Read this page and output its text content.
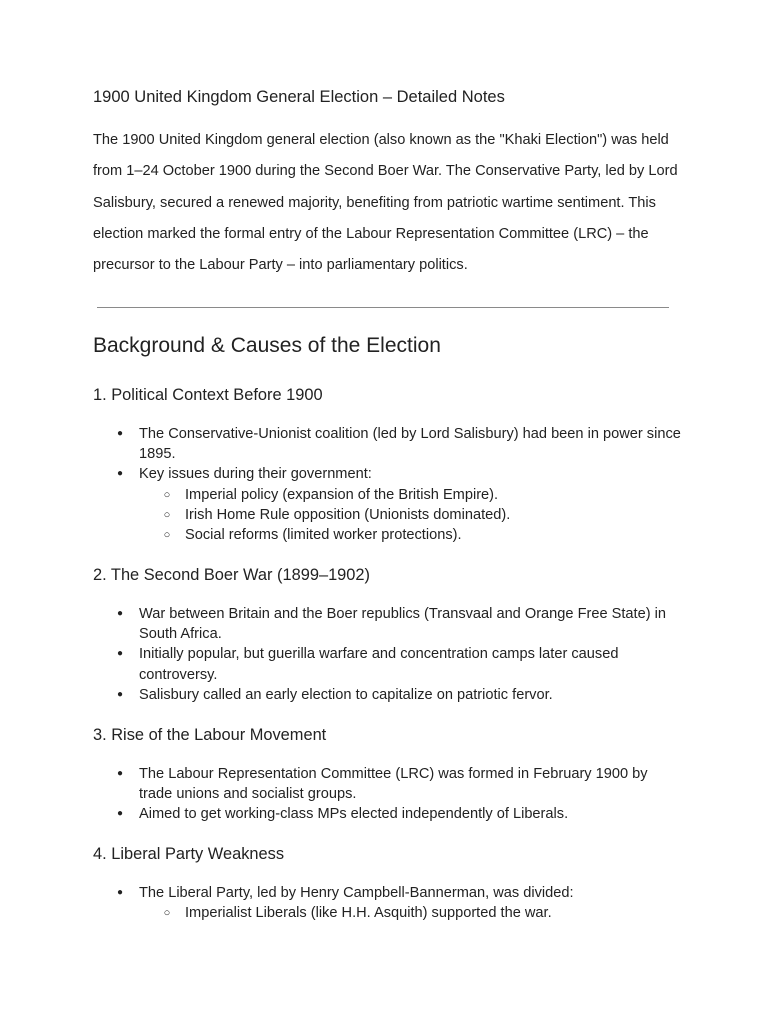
1900 United Kingdom General Election – Detailed Notes

The 1900 United Kingdom general election (also known as the "Khaki Election") was held from 1–24 October 1900 during the Second Boer War. The Conservative Party, led by Lord Salisbury, secured a renewed majority, benefiting from patriotic wartime sentiment. This election marked the formal entry of the Labour Representation Committee (LRC) – the precursor to the Labour Party – into parliamentary politics.

Background & Causes of the Election
1. Political Context Before 1900
● The Conservative-Unionist coalition (led by Lord Salisbury) had been in power since 1895.
● Key issues during their government:
○ Imperial policy (expansion of the British Empire).
○ Irish Home Rule opposition (Unionists dominated).
○ Social reforms (limited worker protections).
2. The Second Boer War (1899–1902)
● War between Britain and the Boer republics (Transvaal and Orange Free State) in South Africa.
● Initially popular, but guerilla warfare and concentration camps later caused controversy.
● Salisbury called an early election to capitalize on patriotic fervor.
3. Rise of the Labour Movement
● The Labour Representation Committee (LRC) was formed in February 1900 by trade unions and socialist groups.
● Aimed to get working-class MPs elected independently of Liberals.
4. Liberal Party Weakness
● The Liberal Party, led by Henry Campbell-Bannerman, was divided:
○ Imperialist Liberals (like H.H. Asquith) supported the war.
